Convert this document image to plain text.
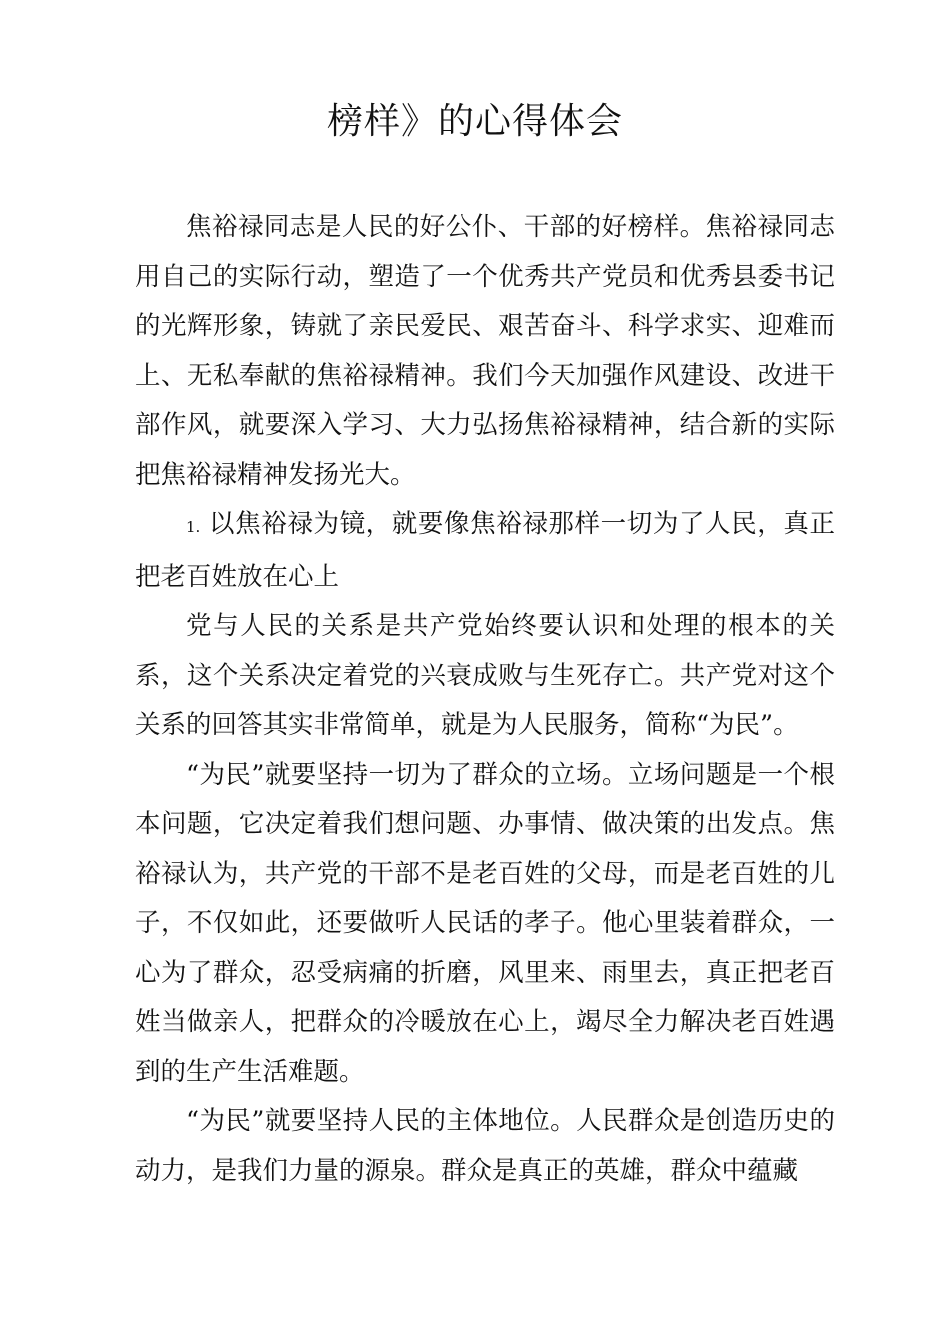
榜样》的心得体会

焦裕禄同志是人民的好公仆、干部的好榜样。焦裕禄同志用自己的实际行动，塑造了一个优秀共产党员和优秀县委书记的光辉形象，铸就了亲民爱民、艰苦奋斗、科学求实、迎难而上、无私奉献的焦裕禄精神。我们今天加强作风建设、改进干部作风，就要深入学习、大力弘扬焦裕禄精神，结合新的实际把焦裕禄精神发扬光大。

1. 以焦裕禄为镜，就要像焦裕禄那样一切为了人民，真正把老百姓放在心上

党与人民的关系是共产党始终要认识和处理的根本的关系，这个关系决定着党的兴衰成败与生死存亡。共产党对这个关系的回答其实非常简单，就是为人民服务，简称“为民”。

“为民”就要坚持一切为了群众的立场。立场问题是一个根本问题，它决定着我们想问题、办事情、做决策的出发点。焦裕禄认为，共产党的干部不是老百姓的父母，而是老百姓的儿子，不仅如此，还要做听人民话的孝子。他心里装着群众，一心为了群众，忍受病痛的折磨，风里来、雨里去，真正把老百姓当做亲人，把群众的冷暖放在心上，竭尽全力解决老百姓遇到的生产生活难题。

“为民”就要坚持人民的主体地位。人民群众是创造历史的动力，是我们力量的源泉。群众是真正的英雄，群众中蕴藏
